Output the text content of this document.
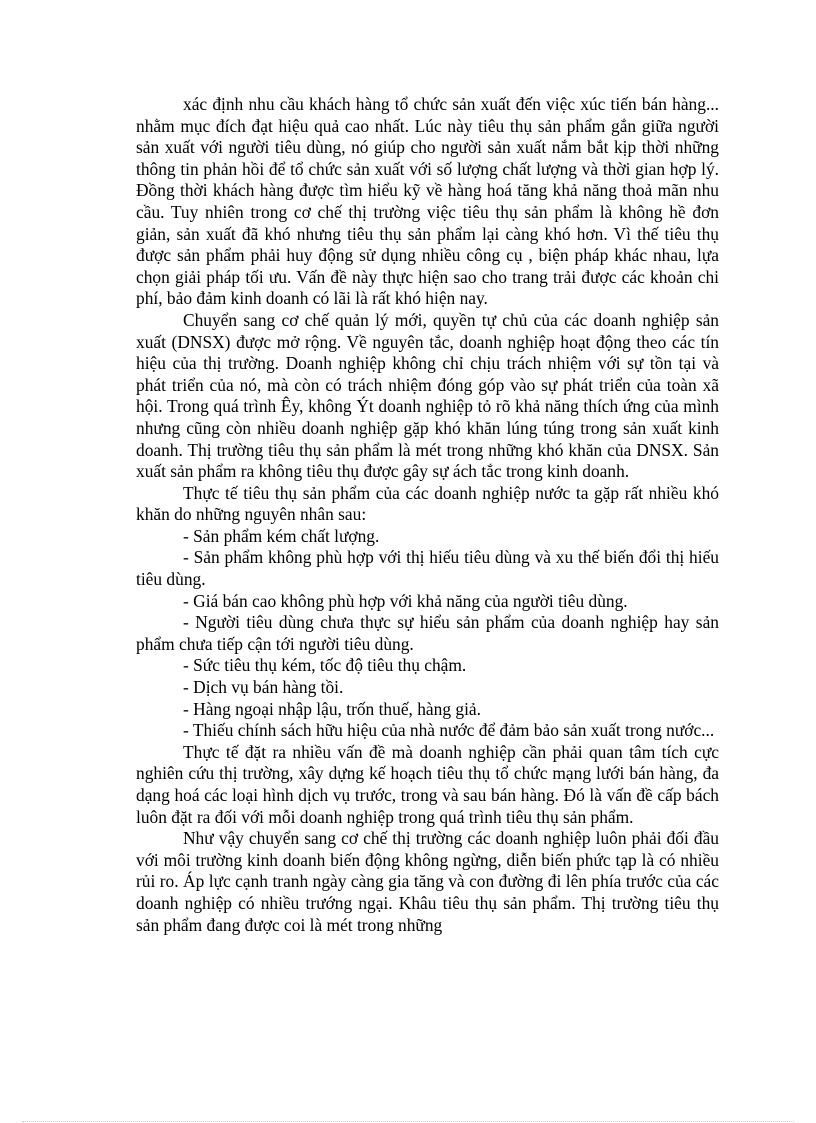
xác định nhu cầu khách hàng tổ chức sản xuất đến việc xúc tiến bán hàng... nhằm mục đích đạt hiệu quả cao nhất. Lúc này tiêu thụ sản phẩm gắn giữa người sản xuất với người tiêu dùng, nó giúp cho người sản xuất nắm bắt kịp thời những thông tin phản hồi để tổ chức sản xuất với số lượng chất lượng và thời gian hợp lý. Đồng thời khách hàng được tìm hiểu kỹ về hàng hoá tăng khả năng thoả mãn nhu cầu. Tuy nhiên trong cơ chế thị trường việc tiêu thụ sản phẩm là không hề đơn giản, sản xuất đã khó nhưng tiêu thụ sản phẩm lại càng khó hơn. Vì thế tiêu thụ được sản phẩm phải huy động sử dụng nhiều công cụ , biện pháp khác nhau, lựa chọn giải pháp tối ưu. Vấn đề này thực hiện sao cho trang trải được các khoản chi phí, bảo đảm kinh doanh có lãi là rất khó hiện nay.

Chuyển sang cơ chế quản lý mới, quyền tự chủ của các doanh nghiệp sản xuất (DNSX) được mở rộng. Về nguyên tắc, doanh nghiệp hoạt động theo các tín hiệu của thị trường. Doanh nghiệp không chỉ chịu trách nhiệm với sự tồn tại và phát triển của nó, mà còn có trách nhiệm đóng góp vào sự phát triển của toàn xã hội. Trong quá trình Êy, không Ýt doanh nghiệp tỏ rõ khả năng thích ứng của mình nhưng cũng còn nhiều doanh nghiệp gặp khó khăn lúng túng trong sản xuất kinh doanh. Thị trường tiêu thụ sản phẩm là mét trong những khó khăn của DNSX. Sản xuất sản phẩm ra không tiêu thụ được gây sự ách tắc trong kinh doanh.

Thực tế tiêu thụ sản phẩm của các doanh nghiệp nước ta gặp rất nhiều khó khăn do những nguyên nhân sau:

- Sản phẩm kém chất lượng.

- Sản phẩm không phù hợp với thị hiếu tiêu dùng và xu thế biến đổi thị hiếu tiêu dùng.

- Giá bán cao không phù hợp với khả năng của người tiêu dùng.

- Người tiêu dùng chưa thực sự hiểu sản phẩm của doanh nghiệp hay sản phẩm chưa tiếp cận tới người tiêu dùng.

- Sức tiêu thụ kém, tốc độ tiêu thụ chậm.

- Dịch vụ bán hàng tồi.

- Hàng ngoại nhập lậu, trốn thuế, hàng giả.

- Thiếu chính sách hữu hiệu của nhà nước để đảm bảo sản xuất trong nước...

Thực tế đặt ra nhiều vấn đề mà doanh nghiệp cần phải quan tâm tích cực nghiên cứu thị trường, xây dựng kế hoạch tiêu thụ tổ chức mạng lưới bán hàng, đa dạng hoá các loại hình dịch vụ trước, trong và sau bán hàng. Đó là vấn đề cấp bách luôn đặt ra đối với mỗi doanh nghiệp trong quá trình tiêu thụ sản phẩm.

Như vậy chuyển sang cơ chế thị trường các doanh nghiệp luôn phải đối đầu với môi trường kinh doanh biến động không ngừng, diễn biến phức tạp là có nhiều rủi ro. Áp lực cạnh tranh ngày càng gia tăng và con đường đi lên phía trước của các doanh nghiệp có nhiều trướng ngại. Khâu tiêu thụ sản phẩm. Thị trường tiêu thụ sản phẩm đang được coi là mét trong những
